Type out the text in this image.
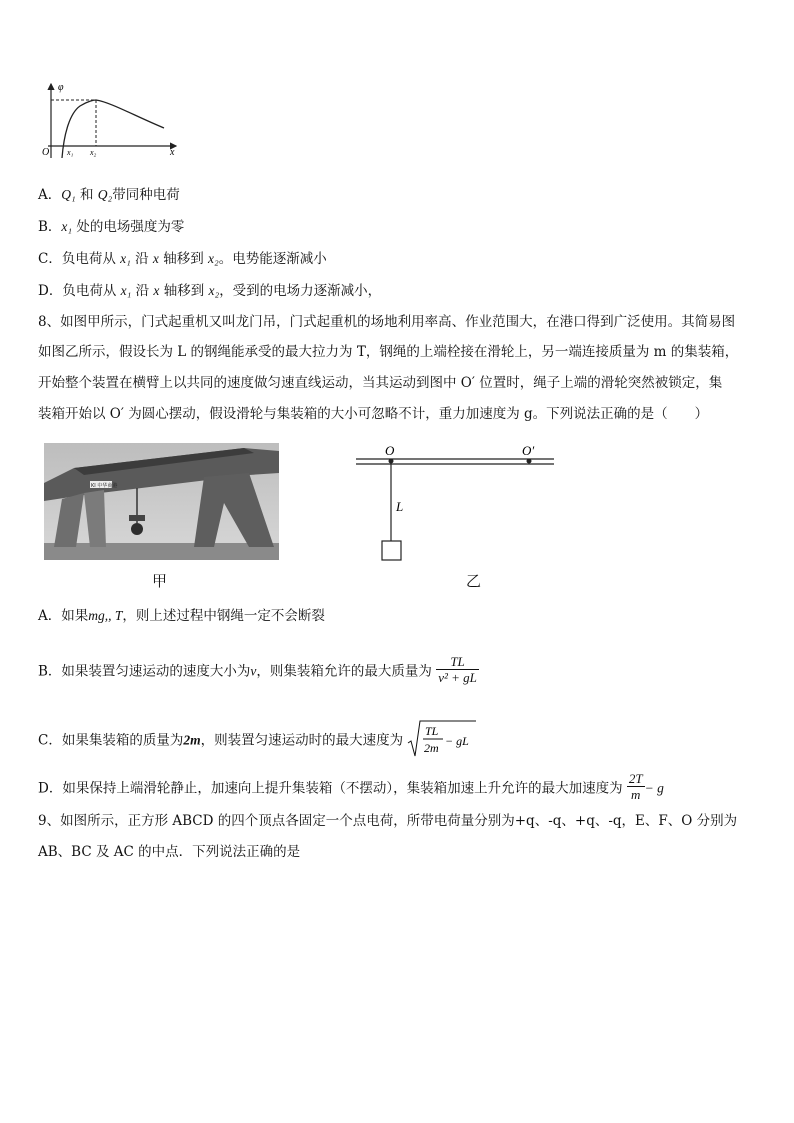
φ
O	x
x₁ x₂
A．Q₁ 和 Q₂带同种电荷
B．x₁ 处的电场强度为零
C．负电荷从 x₁ 沿 x 轴移到 x₂。电势能逐渐减小
D．负电荷从 x₁ 沿 x 轴移到 x₂，受到的电场力逐渐减小，
8、如图甲所示，门式起重机又叫龙门吊，门式起重机的场地利用率高、作业范围大，在港口得到广泛使用。其简易图
如图乙所示，假设长为 L 的钢绳能承受的最大拉力为 T，钢绳的上端栓接在滑轮上，另一端连接质量为 m 的集装箱，
开始整个装置在横臂上以共同的速度做匀速直线运动，当其运动到图中 O′ 位置时，绳子上端的滑轮突然被锁定，集
装箱开始以 O′ 为圆心摆动，假设滑轮与集装箱的大小可忽略不计，重力加速度为 g。下列说法正确的是（　　）
KI 中华商港
甲
O	O′
L
乙
A．如果mg,, T，则上述过程中钢绳一定不会断裂
B．如果装置匀速运动的速度大小为v，则集装箱允许的最大质量为 $\frac{TL}{\text{v² + gL}}$
C．如果集装箱的质量为2m，则装置匀速运动时的最大速度为
TL
2m − gL
D．如果保持上端滑轮静止，加速向上提升集装箱（不摆动），集装箱加速上升允许的最大加速度为 $\frac{2T}{m} - g$
9、如图所示，正方形 ABCD 的四个顶点各固定一个点电荷，所带电荷量分别为+q、-q、+q、-q，E、F、O 分别为
AB、BC 及 AC 的中点．下列说法正确的是
